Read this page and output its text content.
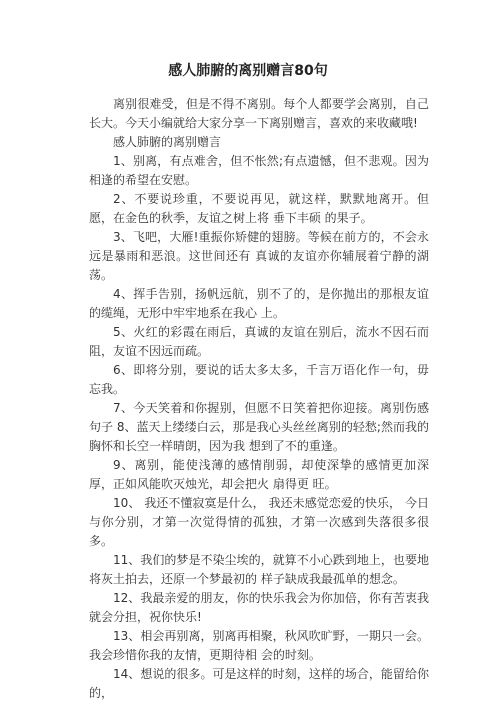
感人肺腑的离别赠言80句

离别很难受，但是不得不离别。每个人都要学会离别，自己长大。今天小编就给大家分享一下离别赠言，喜欢的来收藏哦!

感人肺腑的离别赠言

1、别离，有点难舍，但不怅然;有点遗憾，但不悲观。因为相逢的希望在安慰。

2、不要说珍重，不要说再见，就这样，默默地离开。但愿，在金色的秋季，友谊之树上将 垂下丰硕 的果子。

3、飞吧，大雁!重振你矫健的翅膀。等候在前方的，不会永远是暴雨和恶浪。这世间还有 真诚的友谊亦你辅展着宁静的湖荡。

4、挥手告别，扬帆远航，别不了的，是你抛出的那根友谊的缆绳，无形中牢牢地系在我心 上。

5、火红的彩霞在雨后，真诚的友谊在别后，流水不因石而阻，友谊不因远而疏。

6、即将分别，要说的话太多太多，千言万语化作一句，毋忘我。

7、今天笑着和你握别，但愿不日笑着把你迎接。离别伤感句子 8、蓝天上缕缕白云，那是我心头丝丝离别的轻愁;然而我的胸怀和长空一样晴朗，因为我 想到了不的重逢。

9、离别，能使浅薄的感情削弱，却使深挚的感情更加深厚，正如风能吹灭烛光，却会把火 扇得更 旺。

10、 我还不懂寂寞是什么， 我还未感觉恋爱的快乐， 今日与你分别，才第一次觉得情的孤独，才第一次感到失落很多很多。

11、我们的梦是不染尘埃的，就算不小心跌到地上，也要地将灰土拍去，还原一个梦最初的 样子缺成我最孤单的想念。

12、我最亲爱的朋友，你的快乐我会为你加倍，你有苦衷我就会分担，祝你快乐!

13、相会再别离，别离再相聚，秋风吹旷野，一期只一会。我会珍惜你我的友情，更期待相 会的时刻。

14、想说的很多。可是这样的时刻，这样的场合，能留给你的，
